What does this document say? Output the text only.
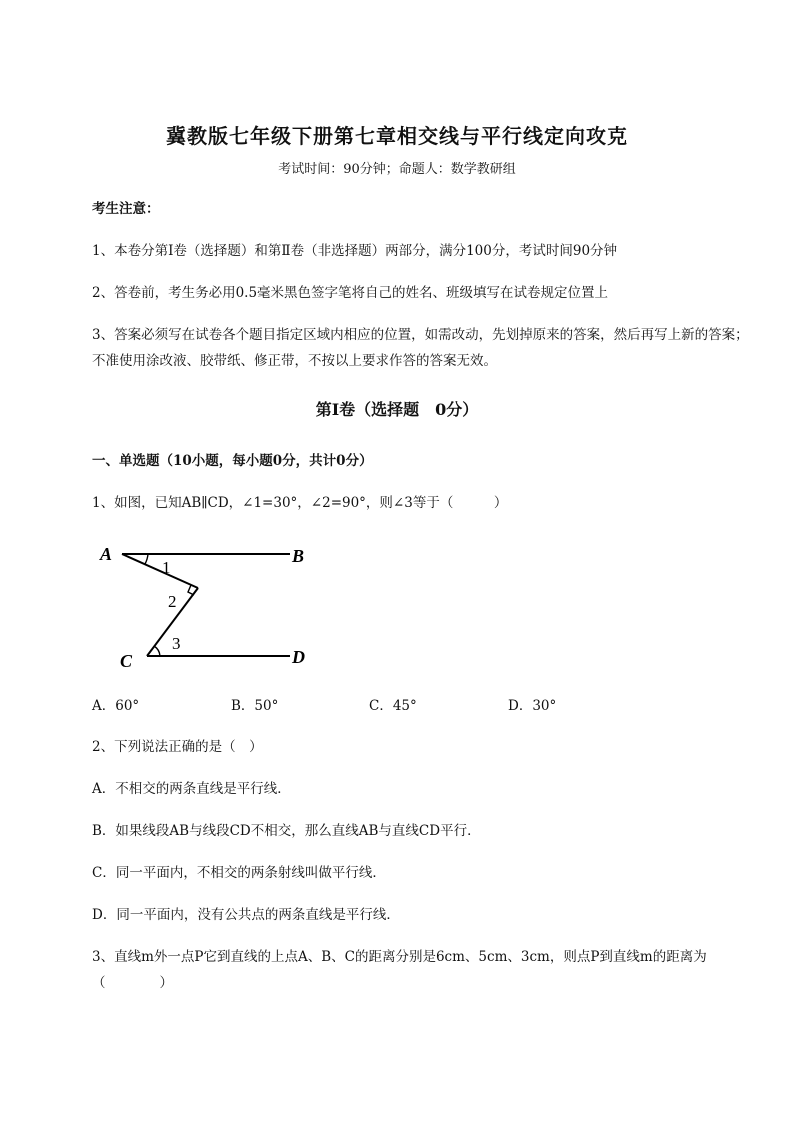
冀教版七年级下册第七章相交线与平行线定向攻克
考试时间：90分钟；命题人：数学教研组
考生注意：
1、本卷分第I卷（选择题）和第Ⅱ卷（非选择题）两部分，满分100分，考试时间90分钟
2、答卷前，考生务必用0.5毫米黑色签字笔将自己的姓名、班级填写在试卷规定位置上
3、答案必须写在试卷各个题目指定区域内相应的位置，如需改动，先划掉原来的答案，然后再写上新的答案；不准使用涂改液、胶带纸、修正带，不按以上要求作答的答案无效。
第I卷（选择题　0分）
一、单选题（10小题，每小题0分，共计0分）
1、如图，已知AB∥CD，∠1=30°，∠2=90°，则∠3等于（　　　）
A	B
C	D
1
2
3
A．60°	B．50°	C．45°	D．30°
2、下列说法正确的是（　）
A．不相交的两条直线是平行线．
B．如果线段AB与线段CD不相交，那么直线AB与直线CD平行．
C．同一平面内，不相交的两条射线叫做平行线．
D．同一平面内，没有公共点的两条直线是平行线．
3、直线m外一点P它到直线的上点A、B、C的距离分别是6cm、5cm、3cm，则点P到直线m的距离为（　　　　）
